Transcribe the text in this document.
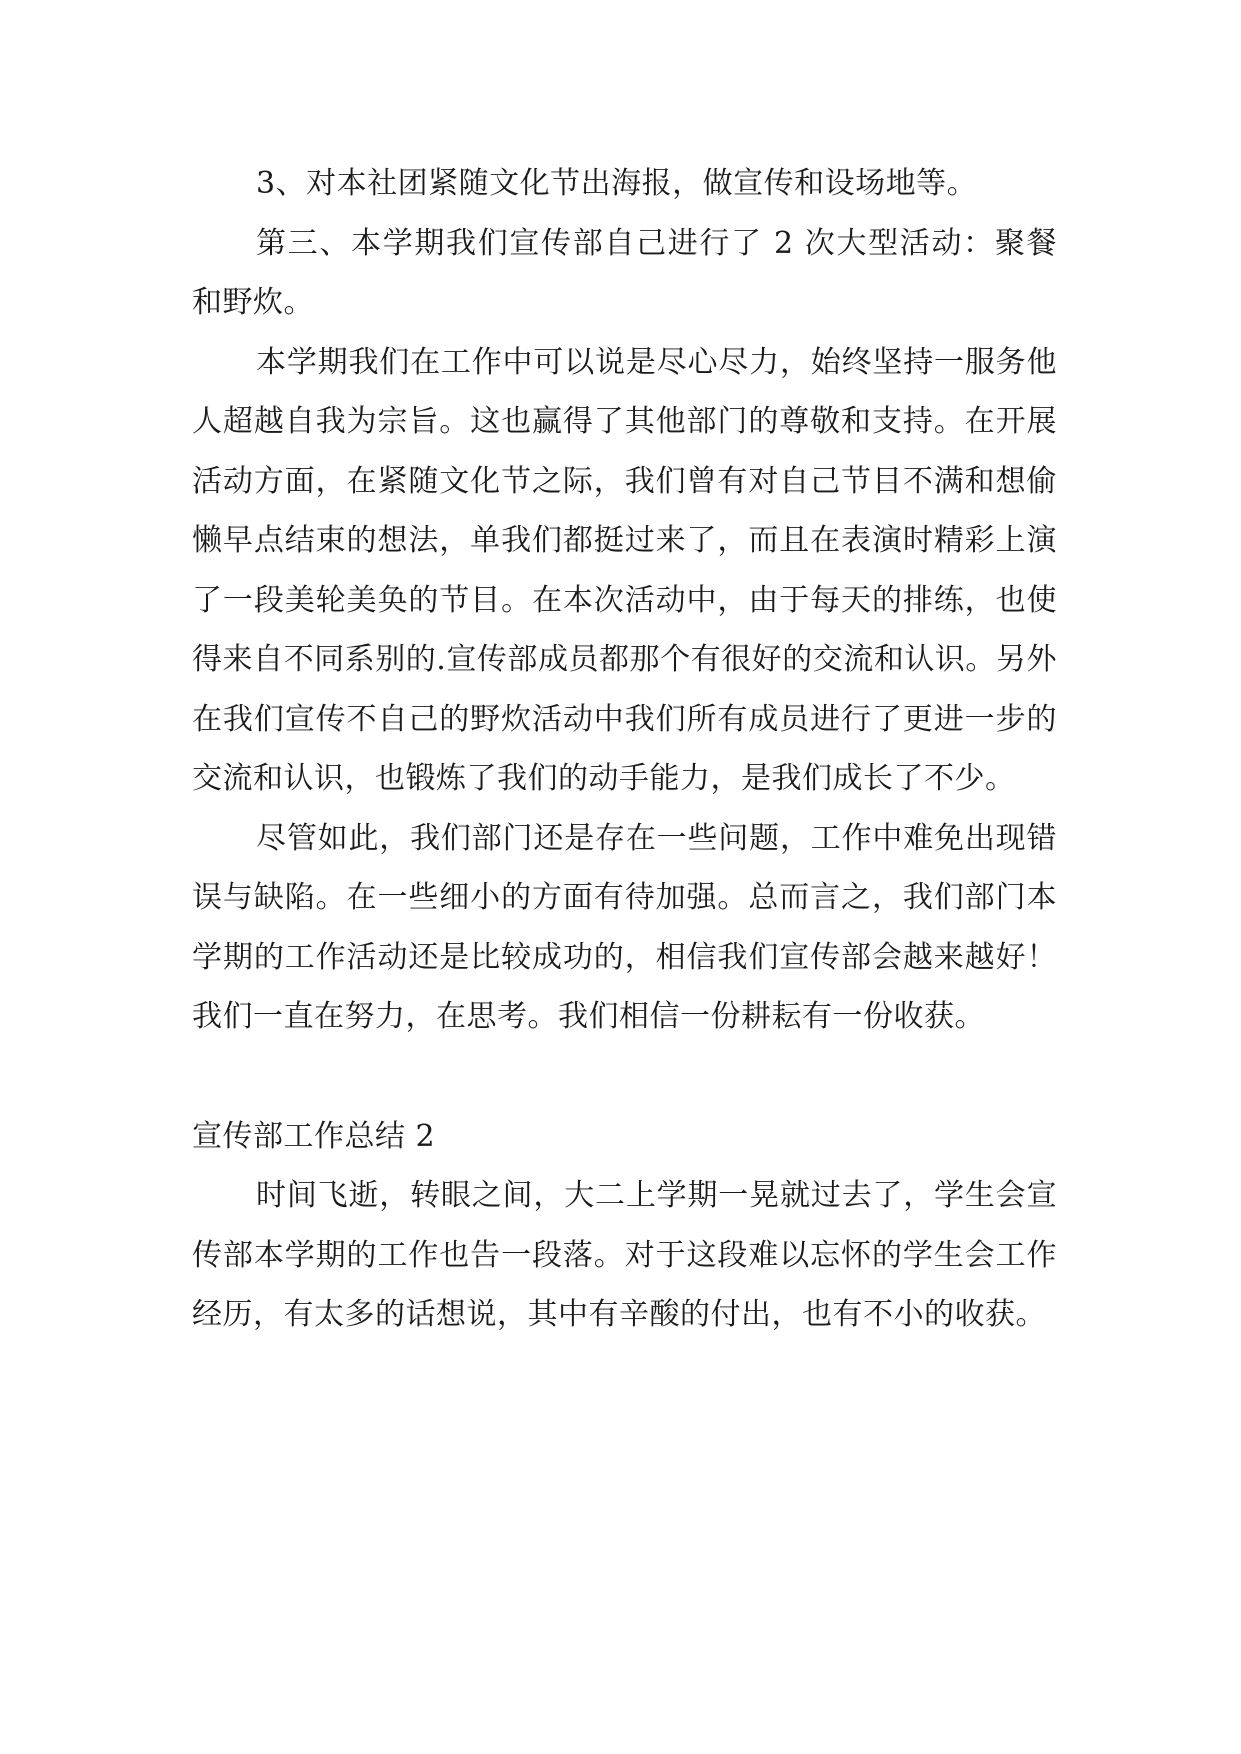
3、对本社团紧随文化节出海报，做宣传和设场地等。

第三、本学期我们宣传部自己进行了 2 次大型活动：聚餐和野炊。

本学期我们在工作中可以说是尽心尽力，始终坚持一服务他人超越自我为宗旨。这也赢得了其他部门的尊敬和支持。在开展活动方面，在紧随文化节之际，我们曾有对自己节目不满和想偷懒早点结束的想法，单我们都挺过来了，而且在表演时精彩上演了一段美轮美奂的节目。在本次活动中，由于每天的排练，也使得来自不同系别的.宣传部成员都那个有很好的交流和认识。另外在我们宣传不自己的野炊活动中我们所有成员进行了更进一步的交流和认识，也锻炼了我们的动手能力，是我们成长了不少。

尽管如此，我们部门还是存在一些问题，工作中难免出现错误与缺陷。在一些细小的方面有待加强。总而言之，我们部门本学期的工作活动还是比较成功的，相信我们宣传部会越来越好！我们一直在努力，在思考。我们相信一份耕耘有一份收获。

宣传部工作总结 2

时间飞逝，转眼之间，大二上学期一晃就过去了，学生会宣传部本学期的工作也告一段落。对于这段难以忘怀的学生会工作经历，有太多的话想说，其中有辛酸的付出，也有不小的收获。
